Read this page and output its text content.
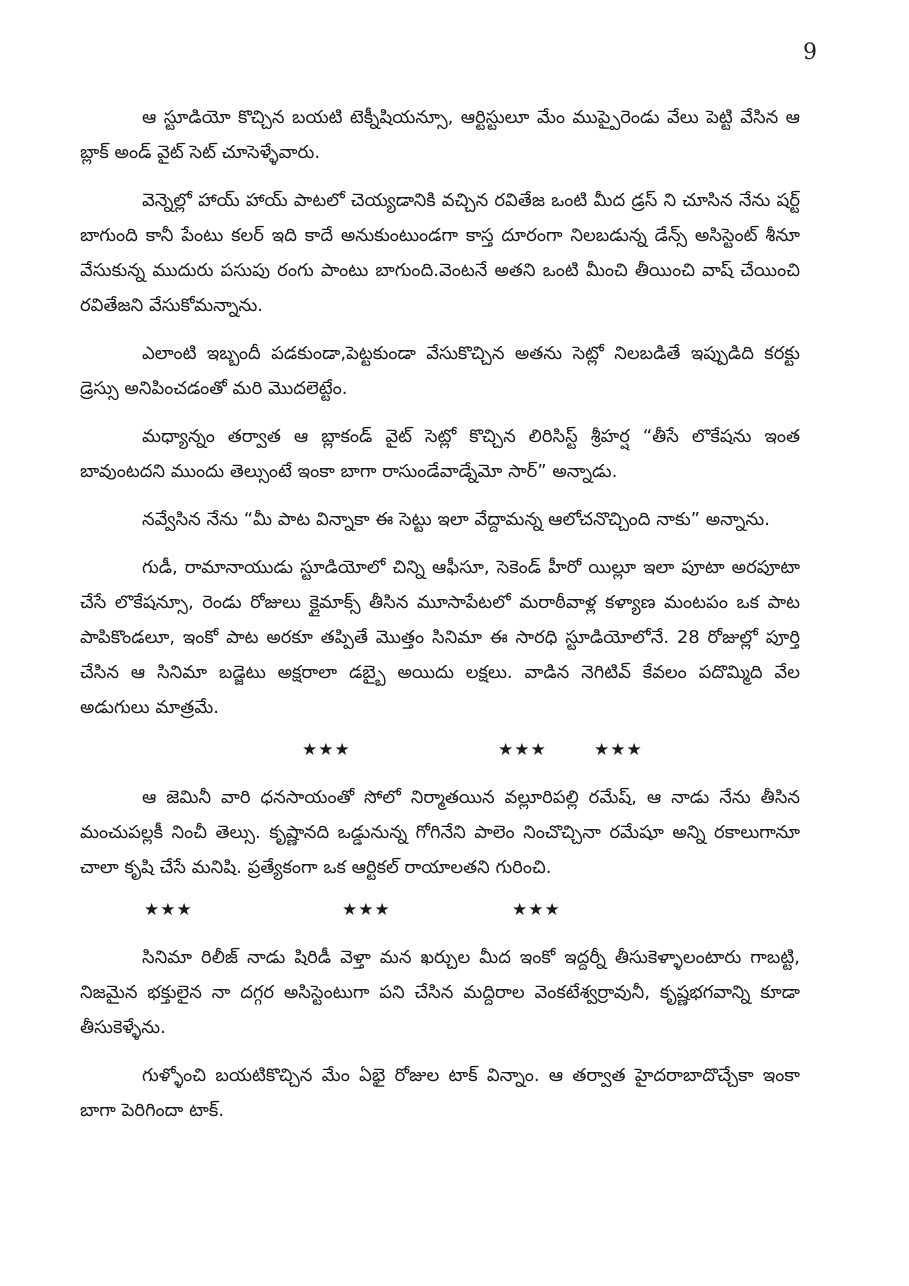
9

ఆ స్టూడియో కొచ్చిన బయటి టెక్నీషియన్సూ, ఆర్టిస్టులూ మేం ముప్పైరెండు వేలు పెట్టి వేసిన ఆ బ్లాక్ అండ్ వైట్ సెట్ చూసెళ్ళేవారు.

వెన్నెల్లో హాయ్ హాయ్ పాటలో చెయ్యడానికి వచ్చిన రవితేజ ఒంటి మీద డ్రస్ ని చూసిన నేను షర్ట్ బాగుంది కానీ పేంటు కలర్ ఇది కాదే అనుకుంటుండగా కాస్త దూరంగా నిలబడున్న డేన్స్ అసిస్టెంట్ శీనూ వేసుకున్న ముదురు పసుపు రంగు పాంటు బాగుంది.వెంటనే అతని ఒంటి మీంచి తీయించి వాష్ చేయించి రవితేజని వేసుకోమన్నాను.

ఎలాంటి ఇబ్బందీ పడకుండా,పెట్టకుండా వేసుకొచ్చిన అతను సెట్లో నిలబడితే ఇప్పుడిది కరక్టు డ్రెస్సు అనిపించడంతో మరి మొదలెట్టేం.

మధ్యాన్నం తర్వాత ఆ బ్లాకండ్ వైట్ సెట్లో కొచ్చిన లిరిసిస్ట్ శ్రీహర్ష “తీసే లొకేషను ఇంత బావుంటదని ముందు తెల్సుంటే ఇంకా బాగా రాసుండేవాడ్నేమో సార్” అన్నాడు.

నవ్వేసిన నేను “మీ పాట విన్నాకా ఈ సెట్టు ఇలా వేద్దామన్న ఆలోచనొచ్చింది నాకు” అన్నాను.

గుడీ, రామానాయుడు స్టూడియోలో చిన్ని ఆఫీసూ, సెకెండ్ హీరో యిల్లూ ఇలా పూటా అరపూటా చేసే లొకేషన్సూ, రెండు రోజులు క్లైమాక్స్ తీసిన మూసాపేటలో మరాఠీవాళ్ల కళ్యాణ మంటపం ఒక పాట పాపికొండలూ, ఇంకో పాట అరకూ తప్పితే మొత్తం సినిమా ఈ సారధి స్టూడియోలోనే. 28 రోజుల్లో పూర్తి చేసిన ఆ సినిమా బడ్జెటు అక్షరాలా డబ్బై అయిదు లక్షలు. వాడిన నెగిటివ్ కేవలం పదొమ్మిది వేల అడుగులు మాత్రమే.

★★★	★★★	★★★

ఆ జెమినీ వారి ధనసాయంతో సోలో నిర్మాతయిన వల్లూరిపల్లి రమేష్, ఆ నాడు నేను తీసిన మంచుపల్లకీ నించీ తెల్సు. కృష్ణానది ఒడ్డునున్న గోగినేని పాలెం నించొచ్చినా రమేషూ అన్ని రకాలుగానూ చాలా కృషి చేసే మనిషి. ప్రత్యేకంగా ఒక ఆర్టికల్ రాయాలతని గురించి.

★★★	★★★	★★★

సినిమా రిలీజ్ నాడు షిరిడీ వెళ్తా మన ఖర్చుల మీద ఇంకో ఇద్దర్నీ తీసుకెళ్ళాలంటారు గాబట్టి, నిజమైన భక్తులైన నా దగ్గర అసిస్టెంటుగా పని చేసిన మద్దిరాల వెంకటేశ్వర్రావునీ, కృష్ణభగవాన్ని కూడా తీసుకెళ్ళేను.

గుళ్ళోంచి బయటికొచ్చిన మేం ఏభై రోజుల టాక్ విన్నాం. ఆ తర్వాత హైదరాబాదొచ్చేకా ఇంకా బాగా పెరిగిందా టాక్.
